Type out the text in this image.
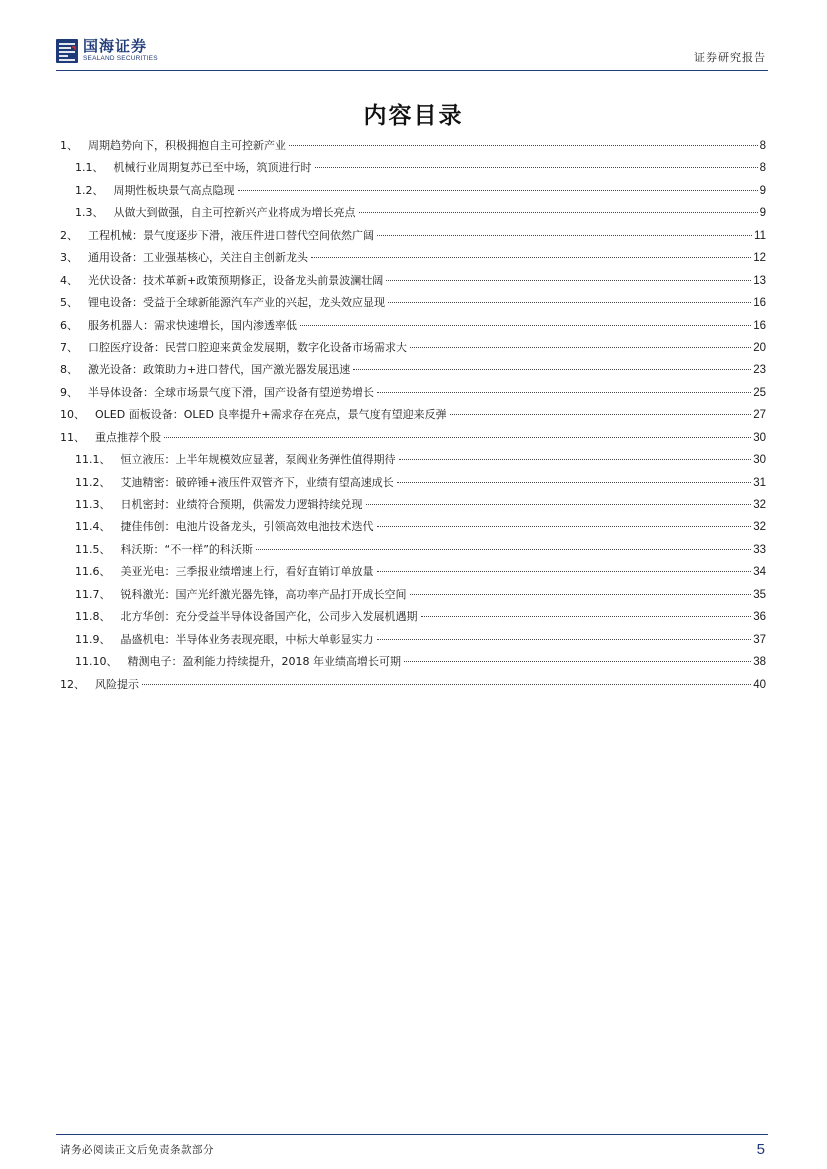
国海证券
SEALAND SECURITIES	证券研究报告
内容目录
1、 周期趋势向下，积极拥抱自主可控新产业	8
1.1、 机械行业周期复苏已至中场，筑顶进行时	8
1.2、 周期性板块景气高点隐现	9
1.3、 从做大到做强，自主可控新兴产业将成为增长亮点	9
2、 工程机械：景气度逐步下滑，液压件进口替代空间依然广阔	11
3、 通用设备：工业强基核心，关注自主创新龙头	12
4、 光伏设备：技术革新+政策预期修正，设备龙头前景波澜壮阔	13
5、 锂电设备：受益于全球新能源汽车产业的兴起，龙头效应显现	16
6、 服务机器人：需求快速增长，国内渗透率低	16
7、 口腔医疗设备：民营口腔迎来黄金发展期，数字化设备市场需求大	20
8、 激光设备：政策助力+进口替代，国产激光器发展迅速	23
9、 半导体设备：全球市场景气度下滑，国产设备有望逆势增长	25
10、 OLED 面板设备：OLED 良率提升+需求存在亮点，景气度有望迎来反弹	27
11、 重点推荐个股	30
11.1、 恒立液压：上半年规模效应显著，泵阀业务弹性值得期待	30
11.2、 艾迪精密：破碎锤+液压件双管齐下，业绩有望高速成长	31
11.3、 日机密封：业绩符合预期，供需发力逻辑持续兑现	32
11.4、 捷佳伟创：电池片设备龙头，引领高效电池技术迭代	32
11.5、 科沃斯：“不一样”的科沃斯	33
11.6、 美亚光电：三季报业绩增速上行，看好直销订单放量	34
11.7、 锐科激光：国产光纤激光器先锋，高功率产品打开成长空间	35
11.8、 北方华创：充分受益半导体设备国产化，公司步入发展机遇期	36
11.9、 晶盛机电：半导体业务表现亮眼，中标大单彰显实力	37
11.10、 精测电子：盈利能力持续提升，2018 年业绩高增长可期	38
12、 风险提示	40
请务必阅读正文后免责条款部分	5
